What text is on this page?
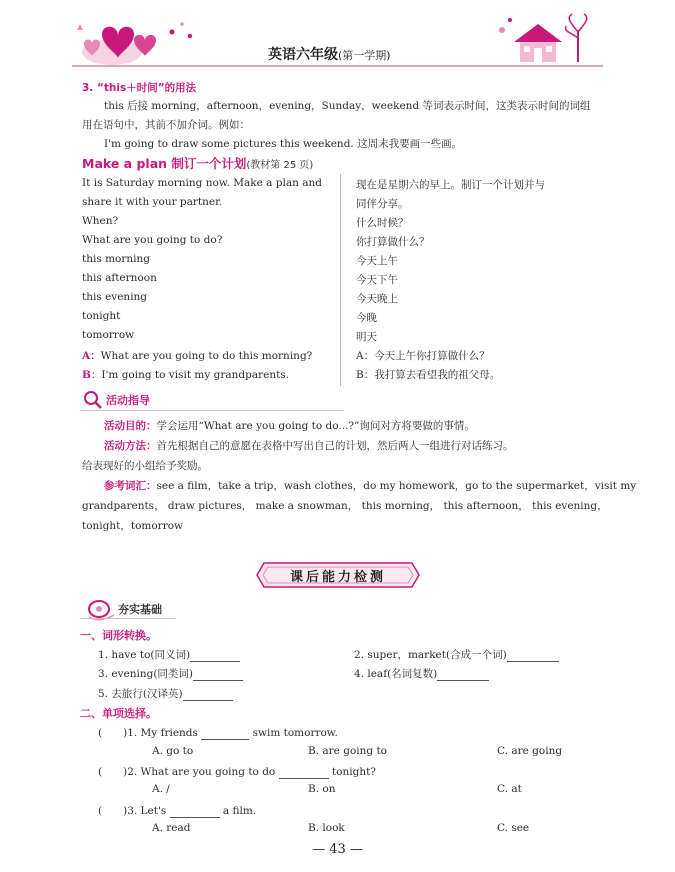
英语六年级(第一学期)
3. “this＋时间”的用法
this 后接 morning，afternoon，evening，Sunday，weekend 等词表示时间，这类表示时间的词组
用在语句中，其前不加介词。例如：
I'm going to draw some pictures this weekend. 这周末我要画一些画。
Make a plan 制订一个计划(教材第 25 页)
It is Saturday morning now. Make a plan and
share it with your partner.
When?
What are you going to do?
this morning
this afternoon
this evening
tonight
tomorrow
A：What are you going to do this morning?
B：I'm going to visit my grandparents.
现在是星期六的早上。制订一个计划并与
同伴分享。
什么时候？
你打算做什么？
今天上午
今天下午
今天晚上
今晚
明天
A：今天上午你打算做什么？
B：我打算去看望我的祖父母。
活动指导
活动目的：学会运用“What are you going to do...?”询问对方将要做的事情。
活动方法：首先根据自己的意愿在表格中写出自己的计划，然后两人一组进行对话练习。
给表现好的小组给予奖励。
参考词汇：see a film，take a trip，wash clothes，do my homework，go to the supermarket，visit my
grandparents， draw pictures， make a snowman， this morning， this afternoon， this evening，
tonight，tomorrow
课后能力检测
夯实基础
一、词形转换。
1. have to(同义词)	2. super，market(合成一个词)
3. evening(同类词)	4. leaf(名词复数)
5. 去旅行(汉译英)
二、单项选择。
(　　)1. My friends	swim tomorrow.
A. go to	B. are going to	C. are going
(　　)2. What are you going to do	tonight?
A. /	B. on	C. at
(　　)3. Let's	a film.
A. read	B. look	C. see
— 43 —
